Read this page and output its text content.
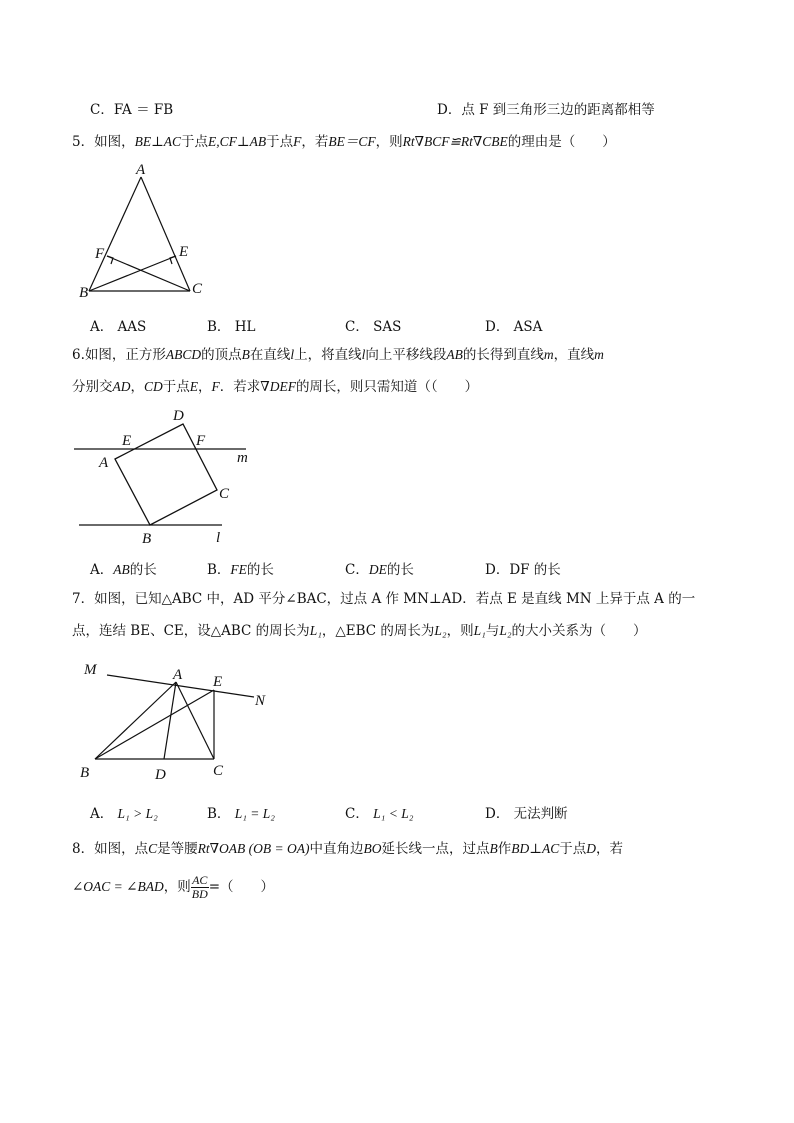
C．FA ＝ FB	D．点 F 到三角形三边的距离都相等
5．如图，BE⊥AC于点E,CF⊥AB于点F，若BE＝CF，则Rt∇BCF≌Rt∇CBE的理由是（　　）
A
B	C
E
F
A． AAS	B． HL	C． SAS	D． ASA
6.如图，正方形ABCD的顶点B在直线l上，将直线l向上平移线段AB的长得到直线m，直线m
分别交AD，CD于点E，F．若求∇DEF的周长，则只需知道（（　　）
D
E	F
A	m
C
B	l
A．AB的长	B．FE的长	C．DE的长	D．DF 的长
7．如图，已知△ABC 中，AD 平分∠BAC，过点 A 作 MN⊥AD．若点 E 是直线 MN 上异于点 A 的一
点，连结 BE、CE，设△ABC 的周长为L₁，△EBC 的周长为L₂，则L₁与L₂的大小关系为（　　）
M	A E
N
B	D	C
A． L₁ > L₂	B． L₁ = L₂	C． L₁ < L₂	D． 无法判断
8．如图，点C是等腰Rt∇OAB (OB = OA)中直角边BO延长线一点，过点B作BD⊥AC于点D，若
∠OAC = ∠BAD，则 $\frac{AC}{BD}$ =（　　）
